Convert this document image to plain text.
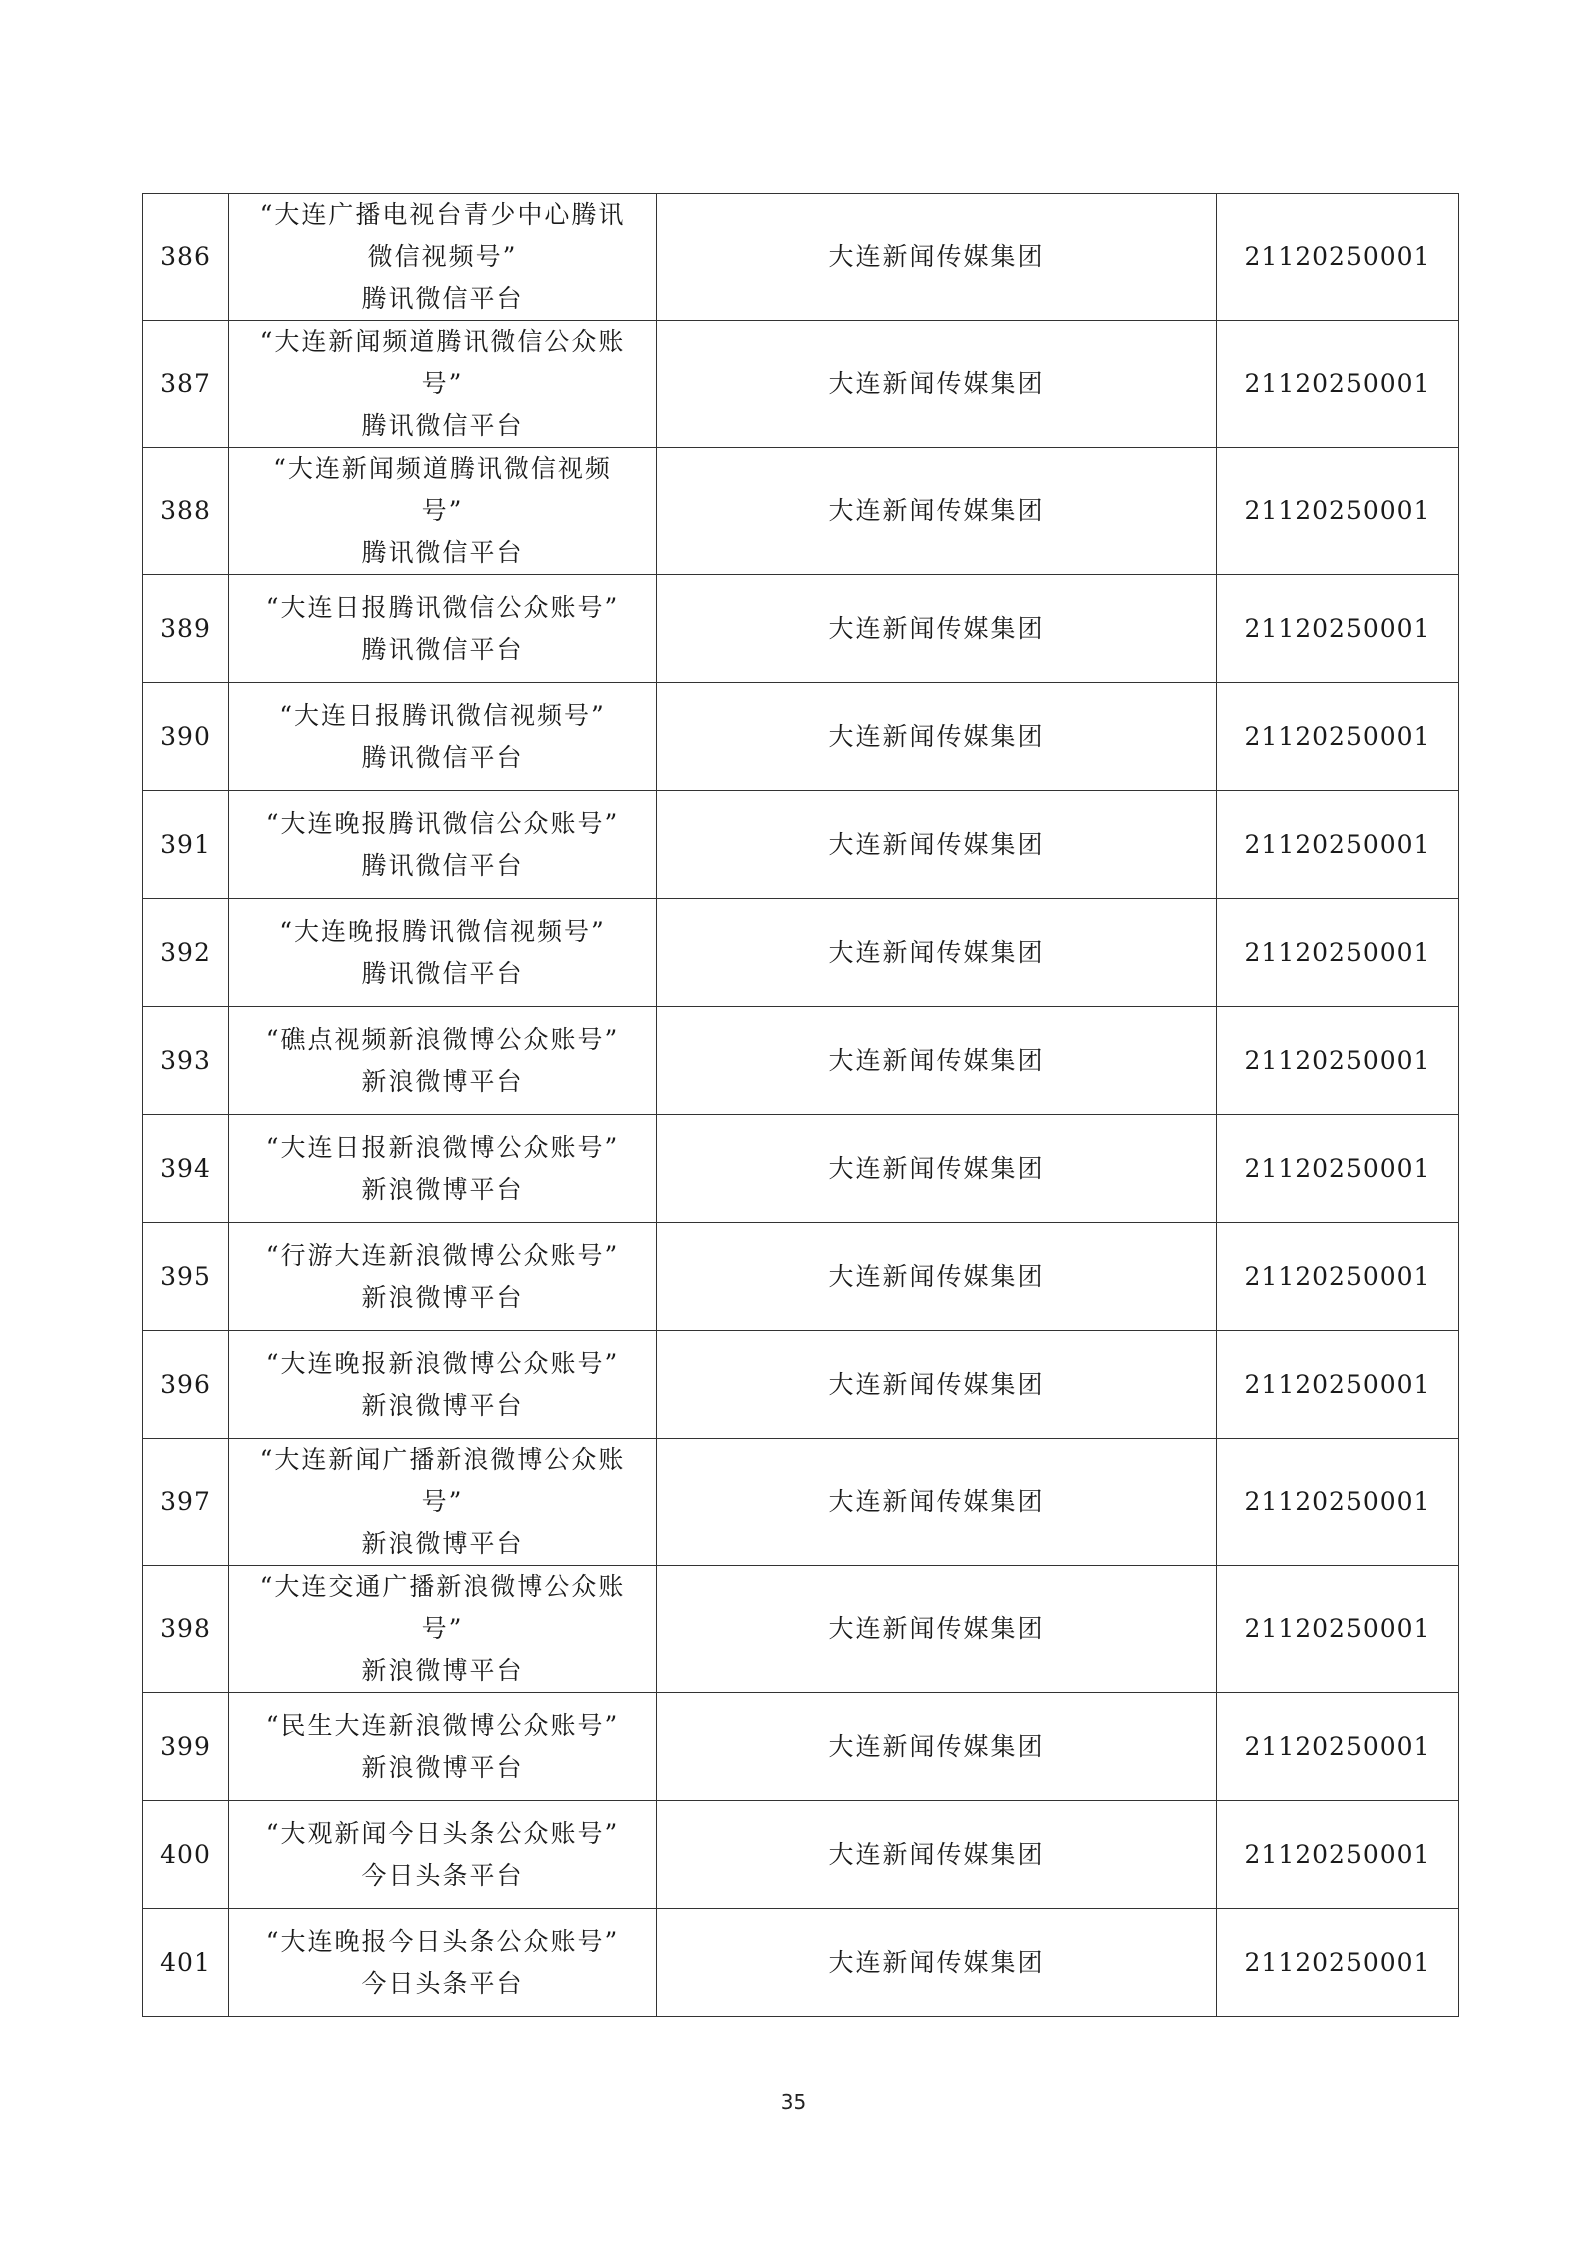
386	“大连广播电视台青少中心腾讯
微信视频号”
腾讯微信平台	大连新闻传媒集团	21120250001
387	“大连新闻频道腾讯微信公众账
号”
腾讯微信平台	大连新闻传媒集团	21120250001
388	“大连新闻频道腾讯微信视频
号”
腾讯微信平台	大连新闻传媒集团	21120250001
389	“大连日报腾讯微信公众账号”
腾讯微信平台	大连新闻传媒集团	21120250001
390	“大连日报腾讯微信视频号”
腾讯微信平台	大连新闻传媒集团	21120250001
391	“大连晚报腾讯微信公众账号”
腾讯微信平台	大连新闻传媒集团	21120250001
392	“大连晚报腾讯微信视频号”
腾讯微信平台	大连新闻传媒集团	21120250001
393	“礁点视频新浪微博公众账号”
新浪微博平台	大连新闻传媒集团	21120250001
394	“大连日报新浪微博公众账号”
新浪微博平台	大连新闻传媒集团	21120250001
395	“行游大连新浪微博公众账号”
新浪微博平台	大连新闻传媒集团	21120250001
396	“大连晚报新浪微博公众账号”
新浪微博平台	大连新闻传媒集团	21120250001
397	“大连新闻广播新浪微博公众账
号”
新浪微博平台	大连新闻传媒集团	21120250001
398	“大连交通广播新浪微博公众账
号”
新浪微博平台	大连新闻传媒集团	21120250001
399	“民生大连新浪微博公众账号”
新浪微博平台	大连新闻传媒集团	21120250001
400	“大观新闻今日头条公众账号”
今日头条平台	大连新闻传媒集团	21120250001
401	“大连晚报今日头条公众账号”
今日头条平台	大连新闻传媒集团	21120250001
35
